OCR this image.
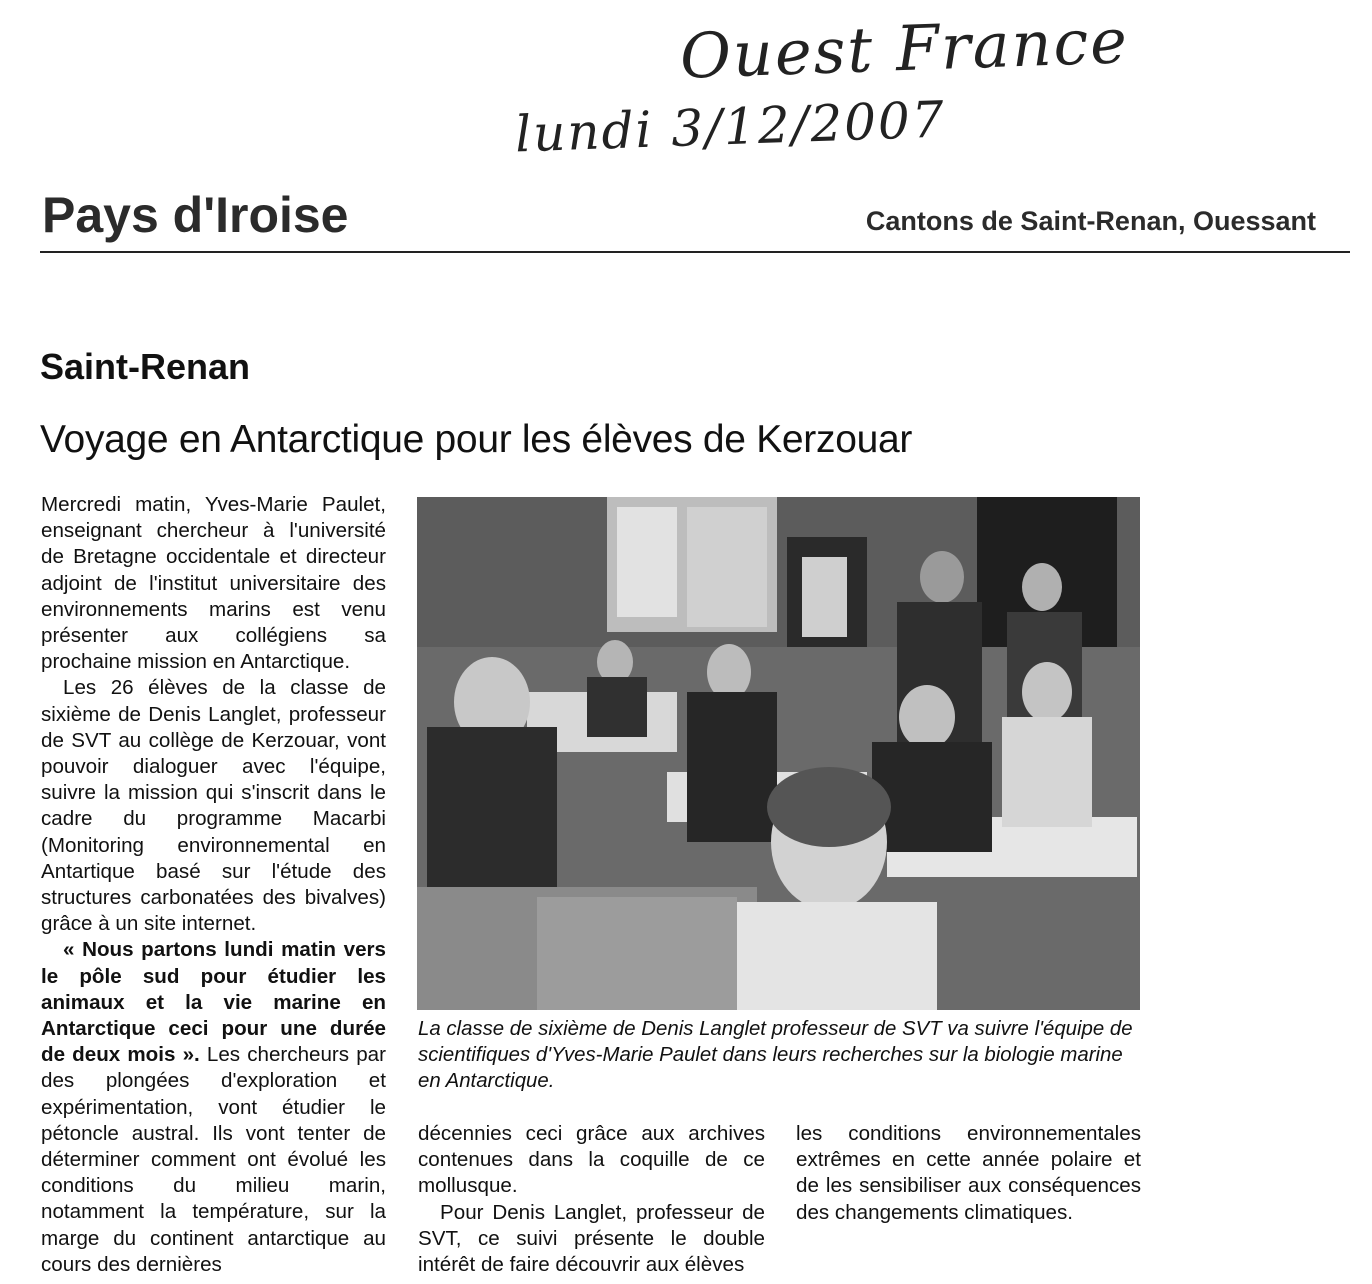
Ouest France
lundi 3/12/2007
Pays d'Iroise	Cantons de Saint-Renan, Ouessant
Saint-Renan
Voyage en Antarctique pour les élèves de Kerzouar

Mercredi matin, Yves-Marie Paulet, enseignant chercheur à l'université de Bretagne occidentale et directeur adjoint de l'institut universitaire des environnements marins est venu présenter aux collégiens sa prochaine mission en Antarctique.

Les 26 élèves de la classe de sixième de Denis Langlet, professeur de SVT au collège de Kerzouar, vont pouvoir dialoguer avec l'équipe, suivre la mission qui s'inscrit dans le cadre du programme Macarbi (Monitoring environnemental en Antartique basé sur l'étude des structures carbonatées des bivalves) grâce à un site internet.

« Nous partons lundi matin vers le pôle sud pour étudier les animaux et la vie marine en Antarctique ceci pour une durée de deux mois ». Les chercheurs par des plongées d'exploration et expérimentation, vont étudier le pétoncle austral. Ils vont tenter de déterminer comment ont évolué les conditions du milieu marin, notamment la température, sur la marge du continent antarctique au cours des dernières

La classe de sixième de Denis Langlet professeur de SVT va suivre l'équipe de scientifiques d'Yves-Marie Paulet dans leurs recherches sur la biologie marine en Antarctique.

décennies ceci grâce aux archives contenues dans la coquille de ce mollusque.

Pour Denis Langlet, professeur de SVT, ce suivi présente le double intérêt de faire découvrir aux élèves

les conditions environnementales extrêmes en cette année polaire et de les sensibiliser aux conséquences des changements climatiques.
